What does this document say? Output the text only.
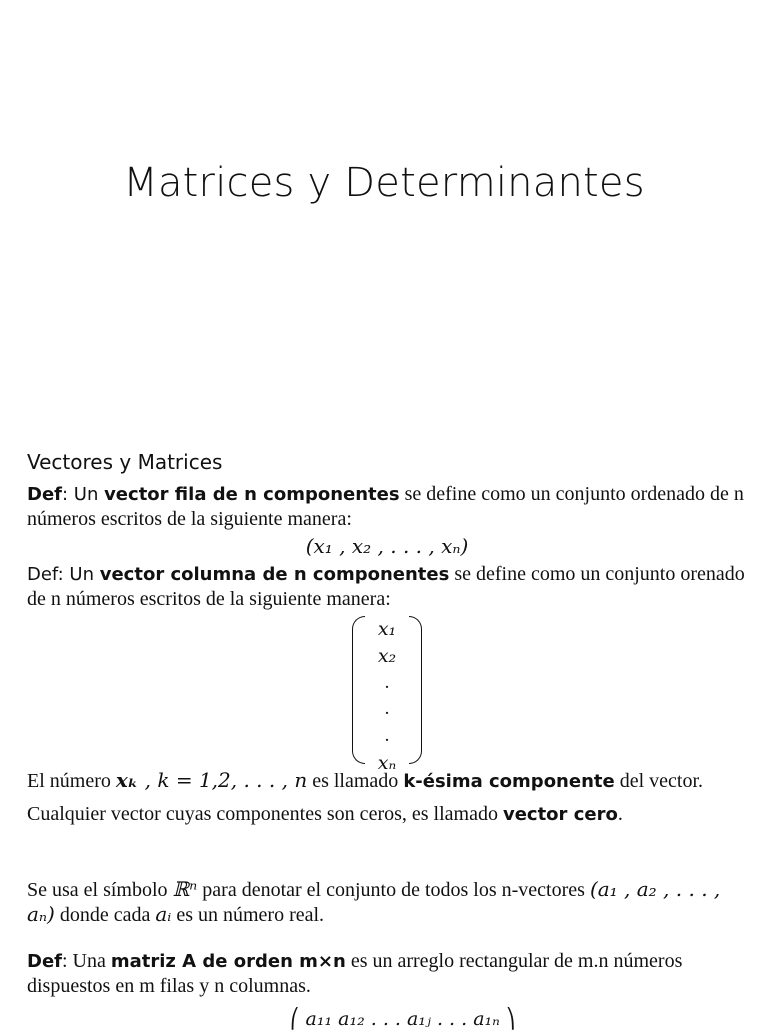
Matrices y Determinantes
Vectores y Matrices

Def: Un vector fila de n componentes se define como un conjunto ordenado de n números escritos de la siguiente manera:

(x₁ , x₂ , . . . , xₙ)

Def: Un vector columna de n componentes se define como un conjunto orenado de n números escritos de la siguiente manera:

x₁
x₂
.
.
.
xₙ

El número xₖ , k = 1,2, . . . , n es llamado k-ésima componente del vector.

Cualquier vector cuyas componentes son ceros, es llamado vector cero.

Se usa el símbolo ℝⁿ para denotar el conjunto de todos los n-vectores (a₁ , a₂ , . . . , aₙ) donde cada aᵢ es un número real.

Def: Una matriz A de orden m×n es un arreglo rectangular de m.n números dispuestos en m filas y n columnas.

⎛ a₁₁ a₁₂ . . . a₁ⱼ . . . a₁ₙ ⎞
